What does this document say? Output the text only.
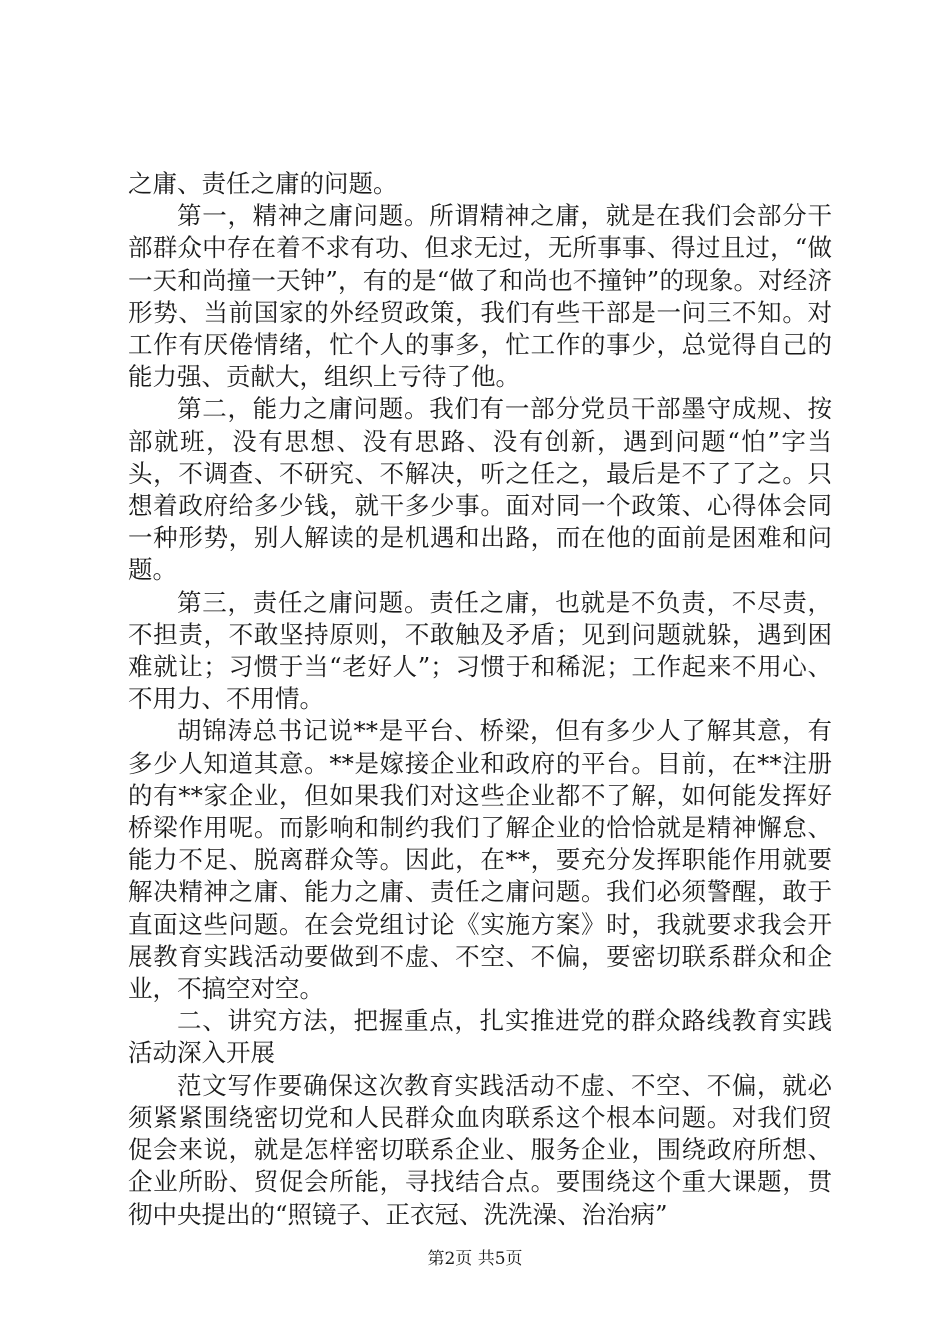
之庸、责任之庸的问题。

第一，精神之庸问题。所谓精神之庸，就是在我们会部分干部群众中存在着不求有功、但求无过，无所事事、得过且过，“做一天和尚撞一天钟”，有的是“做了和尚也不撞钟”的现象。对经济形势、当前国家的外经贸政策，我们有些干部是一问三不知。对工作有厌倦情绪，忙个人的事多，忙工作的事少，总觉得自己的能力强、贡献大，组织上亏待了他。

第二，能力之庸问题。我们有一部分党员干部墨守成规、按部就班，没有思想、没有思路、没有创新，遇到问题“怕”字当头，不调查、不研究、不解决，听之任之，最后是不了了之。只想着政府给多少钱，就干多少事。面对同一个政策、心得体会同一种形势，别人解读的是机遇和出路，而在他的面前是困难和问题。

第三，责任之庸问题。责任之庸，也就是不负责，不尽责，不担责，不敢坚持原则，不敢触及矛盾；见到问题就躲，遇到困难就让；习惯于当“老好人”；习惯于和稀泥；工作起来不用心、不用力、不用情。

胡锦涛总书记说**是平台、桥梁，但有多少人了解其意，有多少人知道其意。**是嫁接企业和政府的平台。目前，在**注册的有**家企业，但如果我们对这些企业都不了解，如何能发挥好桥梁作用呢。而影响和制约我们了解企业的恰恰就是精神懈怠、能力不足、脱离群众等。因此，在**，要充分发挥职能作用就要解决精神之庸、能力之庸、责任之庸问题。我们必须警醒，敢于直面这些问题。在会党组讨论《实施方案》时，我就要求我会开展教育实践活动要做到不虚、不空、不偏，要密切联系群众和企业，不搞空对空。

二、讲究方法，把握重点，扎实推进党的群众路线教育实践活动深入开展

范文写作要确保这次教育实践活动不虚、不空、不偏，就必须紧紧围绕密切党和人民群众血肉联系这个根本问题。对我们贸促会来说，就是怎样密切联系企业、服务企业，围绕政府所想、企业所盼、贸促会所能，寻找结合点。要围绕这个重大课题，贯彻中央提出的“照镜子、正衣冠、洗洗澡、治治病”

第2页 共5页
